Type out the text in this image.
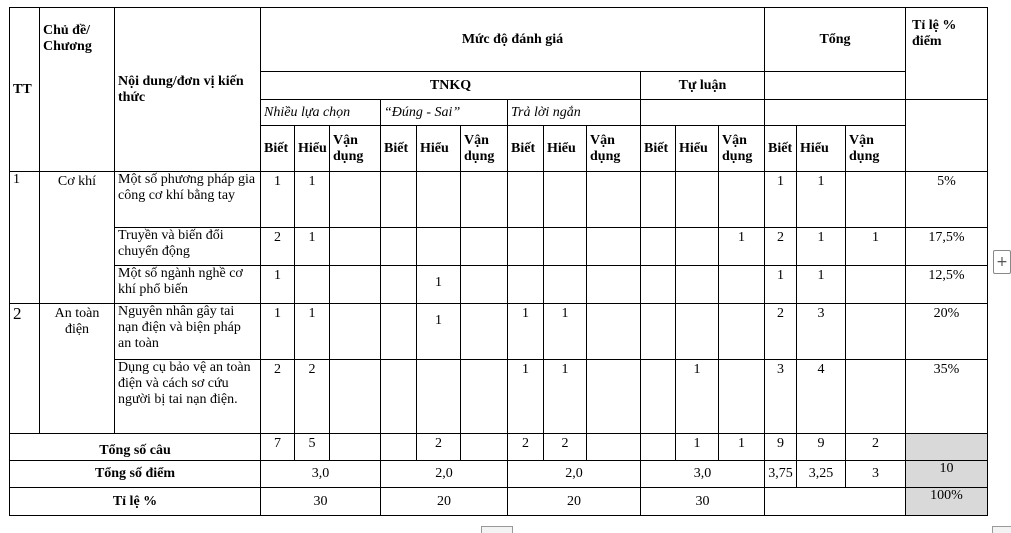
TT	Chủ đề/ Chương	Nội dung/đơn vị kiến thức	Mức độ đánh giá												Tổng			Tỉ lệ % điểm
			TNKQ									Tự luận						
			Nhiều lựa chọn			“Đúng - Sai”			Trả lời ngắn									
			Biết	Hiểu	Vận dụng	Biết	Hiểu	Vận dụng	Biết	Hiểu	Vận dụng	Biết	Hiểu	Vận dụng	Biết	Hiểu	Vận dụng	
1	Cơ khí	Một số phương pháp gia công cơ khí bằng tay	1	1											1	1		5%
		Truyền và biến đổi chuyển động	2	1										1	2	1	1	17,5%
		Một số ngành nghề cơ khí phổ biến	1				1								1	1		12,5%
2	An toàn điện	Nguyên nhân gây tai nạn điện và biện pháp an toàn	1	1			1		1	1					2	3		20%
		Dụng cụ bảo vệ an toàn điện và cách sơ cứu người bị tai nạn điện.	2	2					1	1			1		3	4		35%
Tổng số câu			7	5			2		2	2			1	1	9	9	2	
Tổng số điểm			3,0			2,0			2,0			3,0			3,75	3,25	3	10
Tỉ lệ %			30			20			20			30						100%
+
